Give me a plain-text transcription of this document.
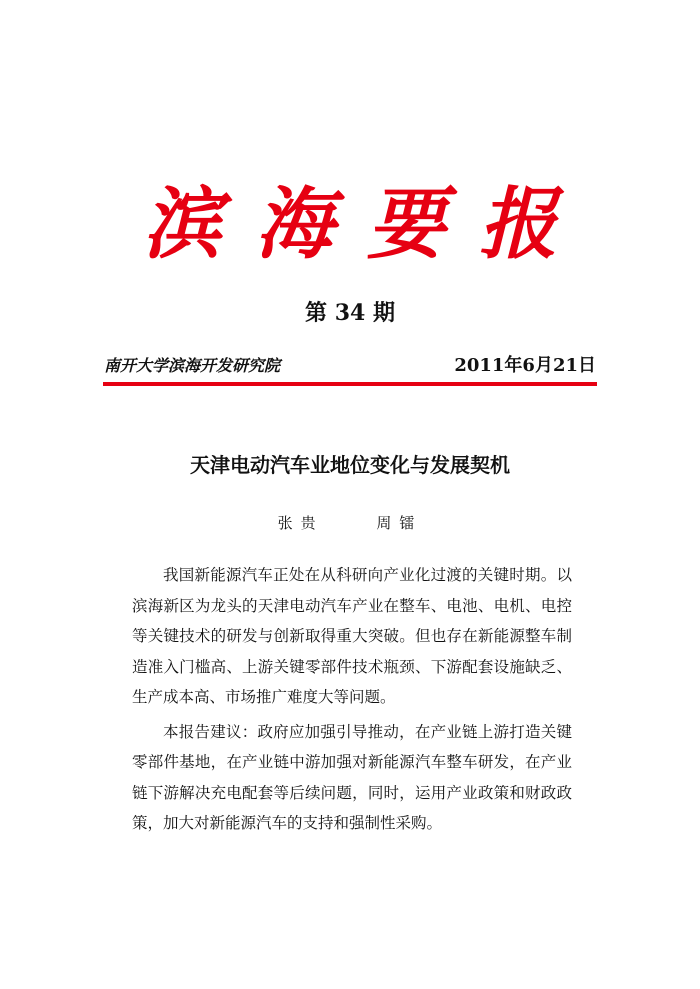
滨海要报
第 34 期
南开大学滨海开发研究院	2011年6月21日
天津电动汽车业地位变化与发展契机
张贵 周镭

我国新能源汽车正处在从科研向产业化过渡的关键时期。以滨海新区为龙头的天津电动汽车产业在整车、电池、电机、电控等关键技术的研发与创新取得重大突破。但也存在新能源整车制造准入门槛高、上游关键零部件技术瓶颈、下游配套设施缺乏、生产成本高、市场推广难度大等问题。

本报告建议：政府应加强引导推动，在产业链上游打造关键零部件基地，在产业链中游加强对新能源汽车整车研发，在产业链下游解决充电配套等后续问题，同时，运用产业政策和财政政策，加大对新能源汽车的支持和强制性采购。
